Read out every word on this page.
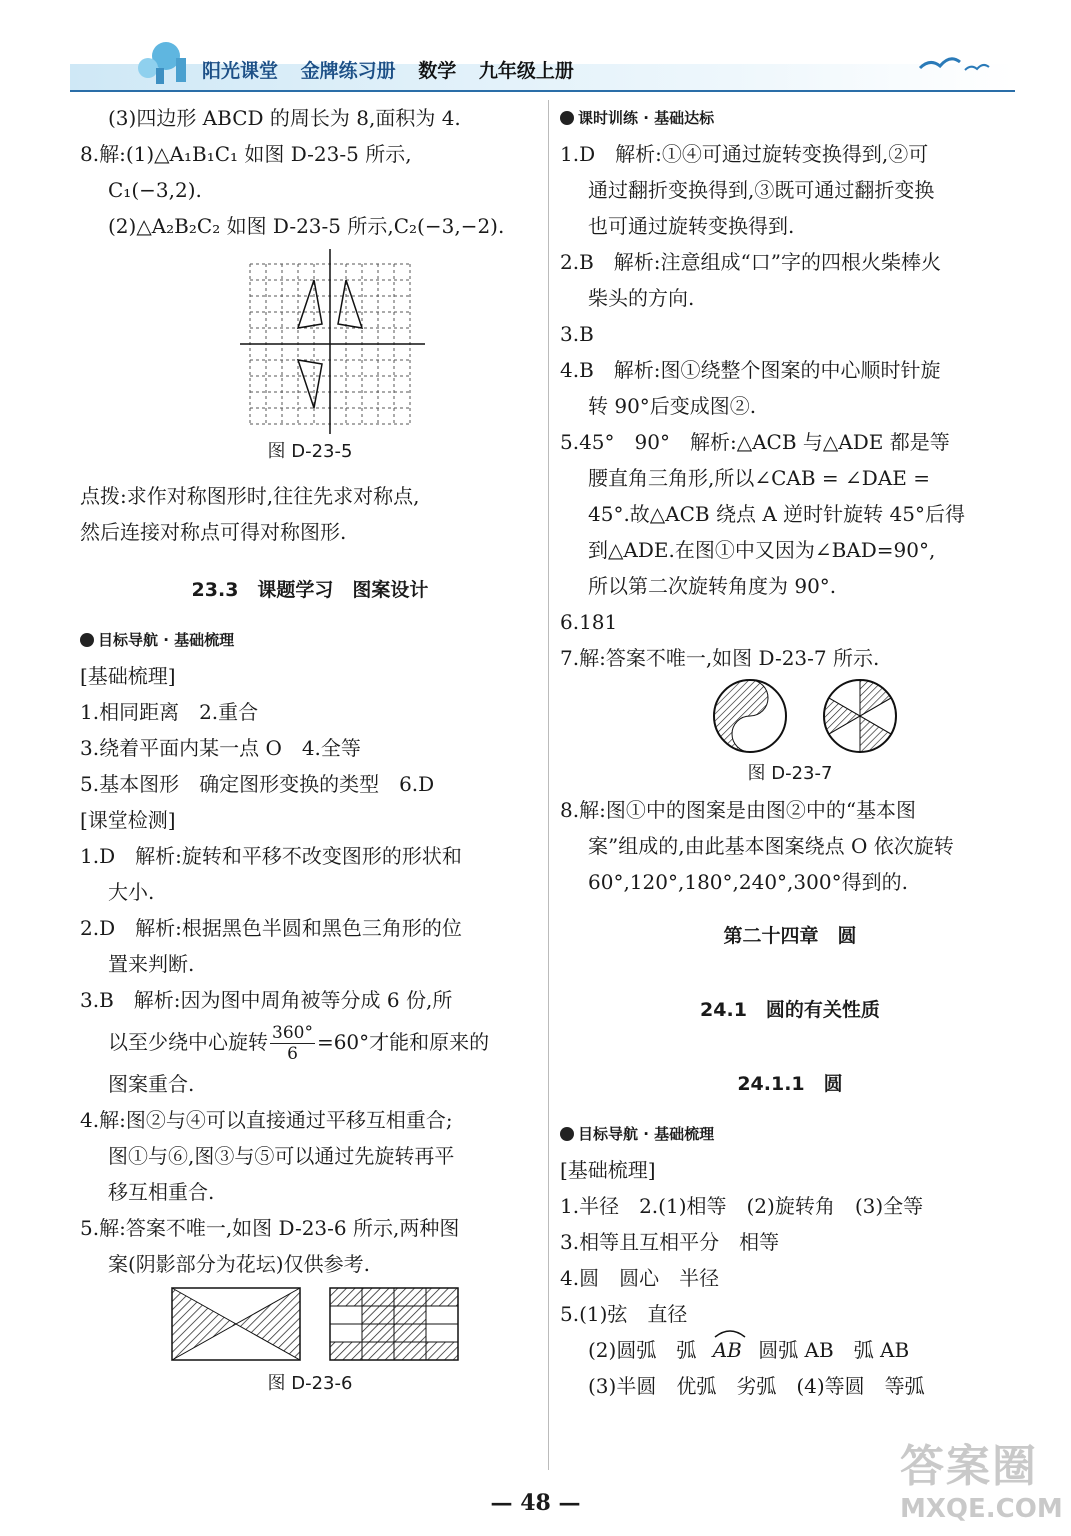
阳光课堂 金牌练习册 数学 九年级上册
(3)四边形 ABCD 的周长为 8,面积为 4.
8.解:(1)△A₁B₁C₁ 如图 D-23-5 所示,
C₁(−3,2).
(2)△A₂B₂C₂ 如图 D-23-5 所示,C₂(−3,−2).
图 D-23-5
点拨:求作对称图形时,往往先求对称点,
然后连接对称点可得对称图形.
23.3　课题学习　图案设计
目标导航 · 基础梳理
[基础梳理]
1.相同距离　2.重合
3.绕着平面内某一点 O　4.全等
5.基本图形　确定图形变换的类型　6.D
[课堂检测]
1.D　解析:旋转和平移不改变图形的形状和
大小.
2.D　解析:根据黑色半圆和黑色三角形的位
置来判断.
3.B　解析:因为图中周角被等分成 6 份,所
以至少绕中心旋转 $\frac{360^\circ}{6} =60^\circ$才能和原来的
图案重合.
4.解:图②与④可以直接通过平移互相重合;
图①与⑥,图③与⑤可以通过先旋转再平
移互相重合.
5.解:答案不唯一,如图 D-23-6 所示,两种图
案(阴影部分为花坛)仅供参考.
图 D-23-6
课时训练 · 基础达标
1.D　解析:①④可通过旋转变换得到,②可
通过翻折变换得到,③既可通过翻折变换
也可通过旋转变换得到.
2.B　解析:注意组成“口”字的四根火柴棒火
柴头的方向.
3.B
4.B　解析:图①绕整个图案的中心顺时针旋
转 90°后变成图②.
5.45°　90°　解析:△ACB 与△ADE 都是等
腰直角三角形,所以∠CAB = ∠DAE =
45°.故△ACB 绕点 A 逆时针旋转 45°后得
到△ADE.在图①中又因为∠BAD=90°,
所以第二次旋转角度为 90°.
6.181
7.解:答案不唯一,如图 D-23-7 所示.
图 D-23-7
8.解:图①中的图案是由图②中的“基本图
案”组成的,由此基本图案绕点 O 依次旋转
60°,120°,180°,240°,300°得到的.
第二十四章　圆
24.1　圆的有关性质
24.1.1　圆
目标导航 · 基础梳理
[基础梳理]
1.半径　2.(1)相等　(2)旋转角　(3)全等
3.相等且互相平分　相等
4.圆　圆心　半径
5.(1)弦　直径
(2)圆弧　弧 AB 圆弧 AB　弧 AB
(3)半圆　优弧　劣弧　(4)等圆　等弧
— 48 —
答案圈
MXQE.COM
